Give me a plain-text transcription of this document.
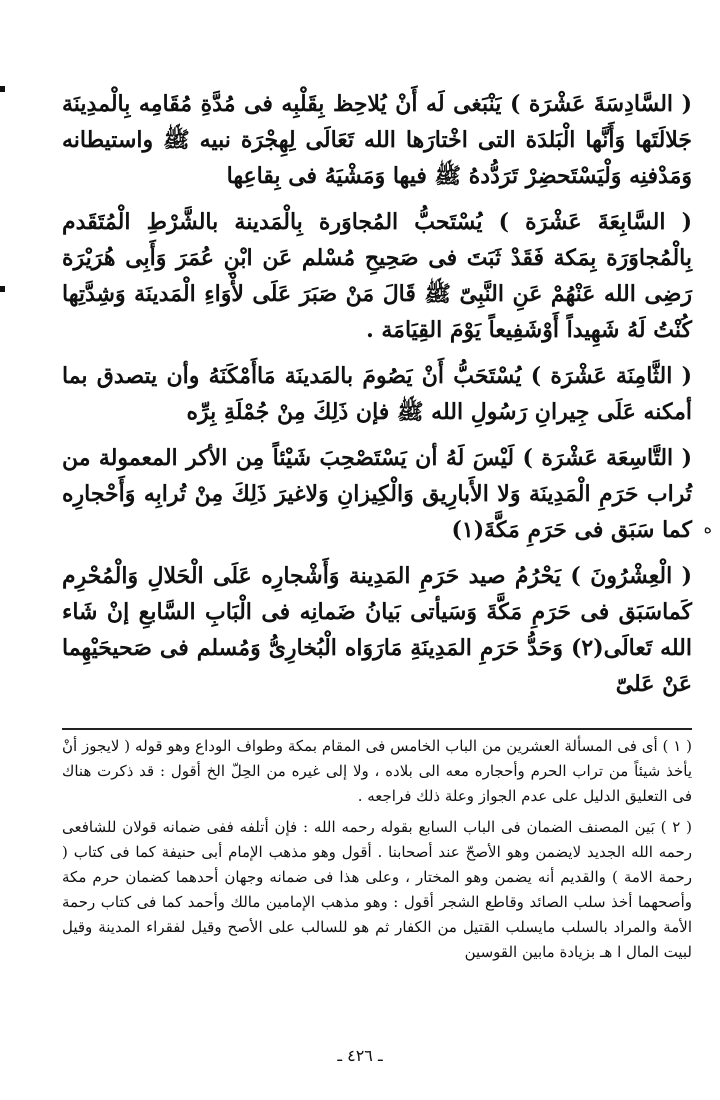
ه

( السَّادِسَةَ عَشْرَة ) يَنْبَغى لَه أَنْ يُلاحِظ بِقَلْبِه فى مُدَّةِ مُقَامِه بِالْمدِينَة جَلالَتَها وَأَنَّها الْبَلدَة التى اخْتارَها الله تَعَالَى لِهِجْرَة نبيه ﷺ واستيطانه وَمَدْفنِه وَلْيَسْتَحضِرْ تَرَدُّدهُ ﷺ فيها وَمَشْيَهُ فى بِقاعِها

( السَّابِعَةَ عَشْرَة ) يُسْتَحبُّ المُجاوَرة بِالْمَدينة بالشَّرْطِ الْمُتَقَدم بِالْمُجاوَرَة بِمَكة فَقَدْ ثَبَتَ فى صَحِيحِ مُسْلم عَن ابْنِ عُمَرَ وَأَبِى هُرَيْرَة رَضِى الله عَنْهُمْ عَنِ النَّبِىّ ﷺ قَالَ مَنْ صَبَرَ عَلَى لأْوَاءِ الْمَدينَة وَشِدَّتِها كُنْتُ لَهُ شَهِيداً أَوْشَفِيعاً يَوْمَ القِيَامَة .

( الثَّامِنَة عَشْرَة ) يُسْتَحَبُّ أَنْ يَصُومَ بالمَدينَة مَاأَمْكَنَهُ وأن يتصدق بما أمكنه عَلَى جِيرانِ رَسُولِ الله ﷺ فإن ذَلِكَ مِنْ جُمْلَةِ بِرِّه

( التَّاسِعَة عَشْرَة ) لَيْسَ لَهُ أن يَسْتَصْحِبَ شَيْئاً مِن الأكر المعمولة من تُراب حَرَمِ الْمَدِينَة وَلا الأَبارِيق وَالْكِيزانِ وَلاغيرَ ذَلِكَ مِنْ تُرابِه وَأَحْجارِه كما سَبَق فى حَرَمِ مَكَّةَ(١)

( الْعِشْرُونَ ) يَحْرُمُ صيد حَرَمِ المَدِينة وَأَشْجارِه عَلَى الْحَلالِ وَالْمُحْرِم كَماسَبَق فى حَرَمِ مَكَّةَ وَسَيأتى بَيانُ ضَمانِه فى الْبَابِ السَّابعِ إنْ شَاء الله تَعالَى(٢) وَحَدُّ حَرَمِ المَدِينَةِ مَارَوَاه الْبُخارِىُّ وَمُسلم فى صَحيحَيْهِما عَنْ عَلىّ

( ١ ) أى فى المسألة العشرين من الباب الخامس فى المقام بمكة وطواف الوداع وهو قوله ( لايجوز أنْ يأخذ شيئاً من تراب الحرم وأحجاره معه الى بلاده ، ولا إلى غيره من الحِلّ الخ أقول : قد ذكرت هناك فى التعليق الدليل على عدم الجواز وعلة ذلك فراجعه .

( ٢ ) بَين المصنف الضمان فى الباب السابع بقوله رحمه الله : فإن أتلفه ففى ضمانه قولان للشافعى رحمه الله الجديد لايضمن وهو الأصحّ عند أصحابنا . أقول وهو مذهب الإمام أبى حنيفة كما فى كتاب ( رحمة الامة ) والقديم أنه يضمن وهو المختار ، وعلى هذا فى ضمانه وجهان أحدهما كضمان حرم مكة وأصحهما أخذ سلب الصائد وقاطع الشجر أقول : وهو مذهب الإمامين مالك وأحمد كما فى كتاب رحمة الأمة والمراد بالسلب مايسلب القتيل من الكفار ثم هو للسالب على الأصح وقيل لفقراء المدينة وقيل لبيت المال ا هـ بزيادة مابين القوسين

ـ ٤٢٦ ـ
